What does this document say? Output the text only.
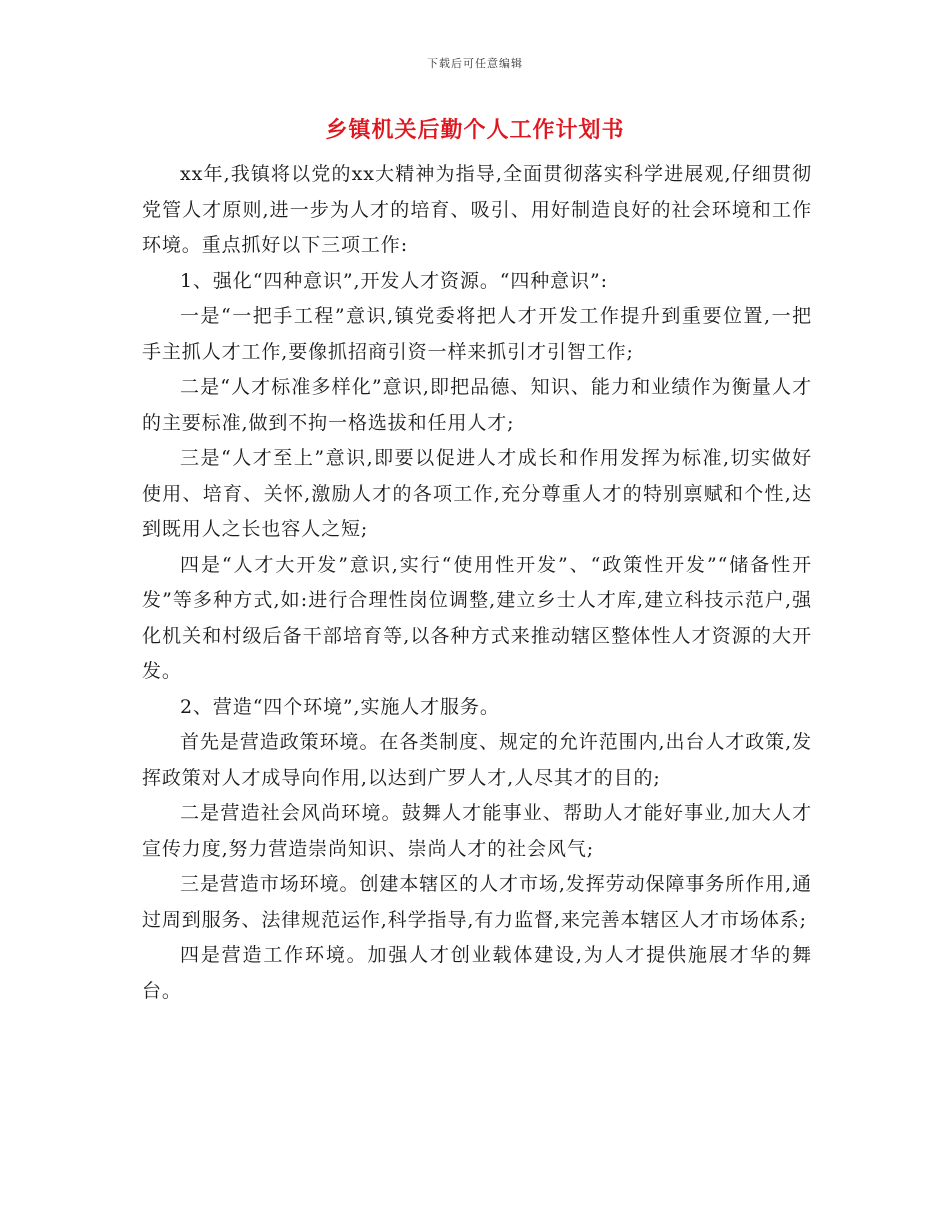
下载后可任意编辑
乡镇机关后勤个人工作计划书

xx年,我镇将以党的xx大精神为指导,全面贯彻落实科学进展观,仔细贯彻党管人才原则,进一步为人才的培育、吸引、用好制造良好的社会环境和工作环境。重点抓好以下三项工作:

1、强化“四种意识”,开发人才资源。“四种意识”:

一是“一把手工程”意识,镇党委将把人才开发工作提升到重要位置,一把手主抓人才工作,要像抓招商引资一样来抓引才引智工作;

二是“人才标准多样化”意识,即把品德、知识、能力和业绩作为衡量人才的主要标准,做到不拘一格选拔和任用人才;

三是“人才至上”意识,即要以促进人才成长和作用发挥为标准,切实做好使用、培育、关怀,激励人才的各项工作,充分尊重人才的特别禀赋和个性,达到既用人之长也容人之短;

四是“人才大开发”意识,实行“使用性开发”、“政策性开发”“储备性开发”等多种方式,如:进行合理性岗位调整,建立乡士人才库,建立科技示范户,强化机关和村级后备干部培育等,以各种方式来推动辖区整体性人才资源的大开发。

2、营造“四个环境”,实施人才服务。

首先是营造政策环境。在各类制度、规定的允许范围内,出台人才政策,发挥政策对人才成导向作用,以达到广罗人才,人尽其才的目的;

二是营造社会风尚环境。鼓舞人才能事业、帮助人才能好事业,加大人才宣传力度,努力营造崇尚知识、崇尚人才的社会风气;

三是营造市场环境。创建本辖区的人才市场,发挥劳动保障事务所作用,通过周到服务、法律规范运作,科学指导,有力监督,来完善本辖区人才市场体系;

四是营造工作环境。加强人才创业载体建设,为人才提供施展才华的舞台。
